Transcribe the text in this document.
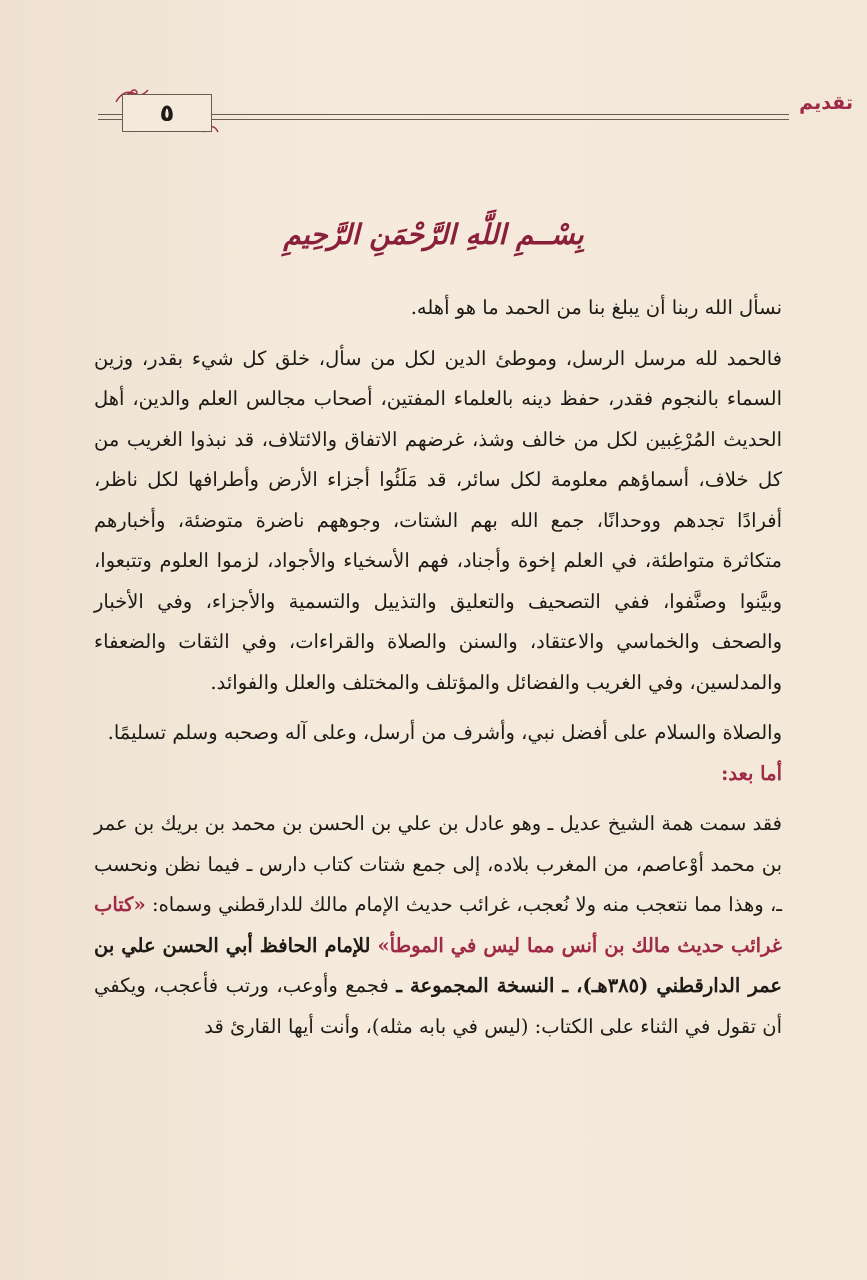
٥	تقديم
بِسْــمِ اللَّهِ الرَّحْمَنِ الرَّحِيمِ

نسأل الله ربنا أن يبلغ بنا من الحمد ما هو أهله.

فالحمد لله مرسل الرسل، وموطئ الدين لكل من سأل، خلق كل شيء بقدر، وزين السماء بالنجوم فقدر، حفظ دينه بالعلماء المفتين، أصحاب مجالس العلم والدين، أهل الحديث المُرْغِبين لكل من خالف وشذ، غرضهم الاتفاق والائتلاف، قد نبذوا الغريب من كل خلاف، أسماؤهم معلومة لكل سائر، قد مَلَئُوا أجزاء الأرض وأطرافها لكل ناظر، أفرادًا تجدهم ووحدانًا، جمع الله بهم الشتات، وجوههم ناضرة متوضئة، وأخبارهم متكاثرة متواطئة، في العلم إخوة وأجناد، فهم الأسخياء والأجواد، لزموا العلوم وتتبعوا، وبيَّنوا وصنَّفوا، ففي التصحيف والتعليق والتذييل والتسمية والأجزاء، وفي الأخبار والصحف والخماسي والاعتقاد، والسنن والصلاة والقراءات، وفي الثقات والضعفاء والمدلسين، وفي الغريب والفضائل والمؤتلف والمختلف والعلل والفوائد.

والصلاة والسلام على أفضل نبي، وأشرف من أرسل، وعلى آله وصحبه وسلم تسليمًا.

أما بعد:

فقد سمت همة الشيخ عديل ـ وهو عادل بن علي بن الحسن بن محمد بن بريك بن عمر بن محمد أوْعاصم، من المغرب بلاده، إلى جمع شتات كتاب دارس ـ فيما نظن ونحسب ـ، وهذا مما نتعجب منه ولا نُعجب، غرائب حديث الإمام مالك للدارقطني وسماه: «كتاب غرائب حديث مالك بن أنس مما ليس في الموطأ» للإمام الحافظ أبي الحسن علي بن عمر الدارقطني (٣٨٥هـ)، ـ النسخة المجموعة ـ فجمع وأوعب، ورتب فأعجب، ويكفي أن تقول في الثناء على الكتاب: (ليس في بابه مثله)، وأنت أيها القارئ قد
